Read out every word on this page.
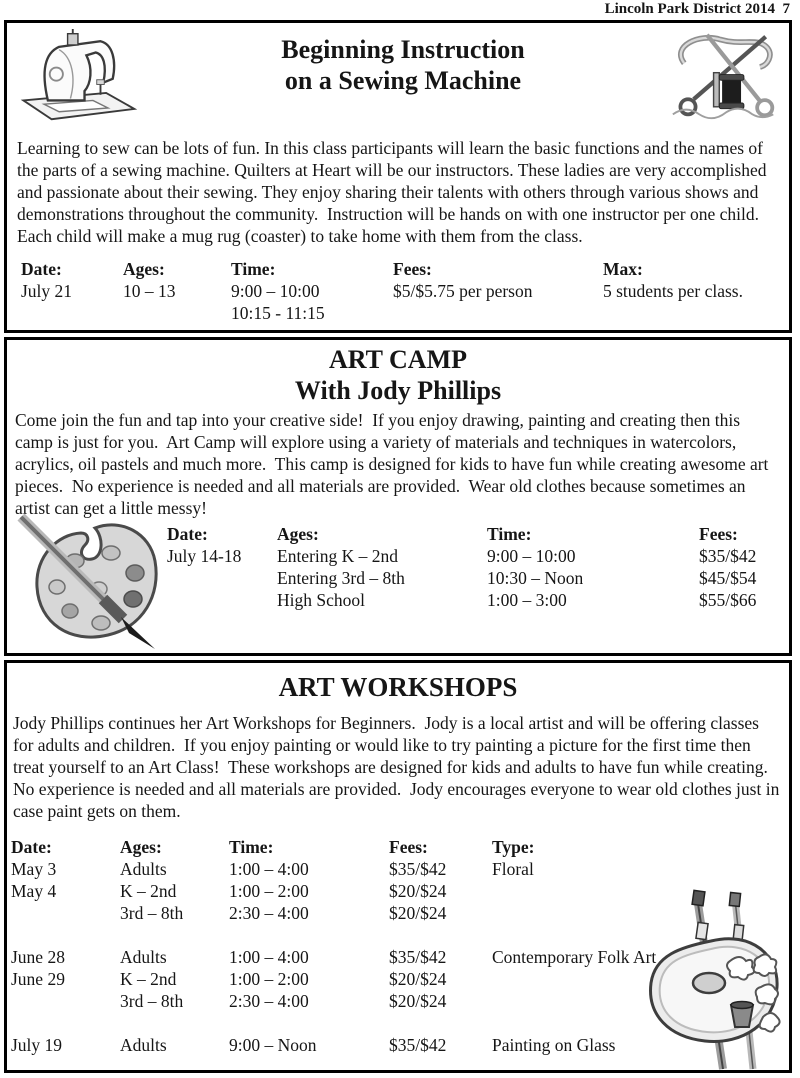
Lincoln Park District 2014  7
Beginning Instruction
on a Sewing Machine
Learning to sew can be lots of fun. In this class participants will learn the basic functions and the names of the parts of a sewing machine. Quilters at Heart will be our instructors. These ladies are very accomplished and passionate about their sewing. They enjoy sharing their talents with others through various shows and demonstrations throughout the community.  Instruction will be hands on with one instructor per one child. Each child will make a mug rug (coaster) to take home with them from the class.
Date:	Ages:	Time:	Fees:	Max:
July 21	10 – 13	9:00 – 10:00	$5/$5.75 per person	5 students per class.
		10:15 - 11:15		
ART CAMP
With Jody Phillips
Come join the fun and tap into your creative side!  If you enjoy drawing, painting and creating then this camp is just for you.  Art Camp will explore using a variety of materials and techniques in watercolors, acrylics, oil pastels and much more.  This camp is designed for kids to have fun while creating awesome art pieces.  No experience is needed and all materials are provided.  Wear old clothes because sometimes an artist can get a little messy!
Date:	Ages:	Time:	Fees:
July 14-18	Entering K – 2nd	9:00 – 10:00	$35/$42
	Entering 3rd – 8th	10:30 – Noon	$45/$54
	High School	1:00 – 3:00	$55/$66
ART WORKSHOPS
Jody Phillips continues her Art Workshops for Beginners.  Jody is a local artist and will be offering classes for adults and children.  If you enjoy painting or would like to try painting a picture for the first time then treat yourself to an Art Class!  These workshops are designed for kids and adults to have fun while creating.  No experience is needed and all materials are provided.  Jody encourages everyone to wear old clothes just in case paint gets on them.
Date:	Ages:	Time:	Fees:	Type:
May 3	Adults	1:00 – 4:00	$35/$42	Floral
May 4	K – 2nd	1:00 – 2:00	$20/$24	
	3rd – 8th	2:30 – 4:00	$20/$24	

June 28	Adults	1:00 – 4:00	$35/$42	Contemporary Folk Art
June 29	K – 2nd	1:00 – 2:00	$20/$24	
	3rd – 8th	2:30 – 4:00	$20/$24	

July 19	Adults	9:00 – Noon	$35/$42	Painting on Glass
